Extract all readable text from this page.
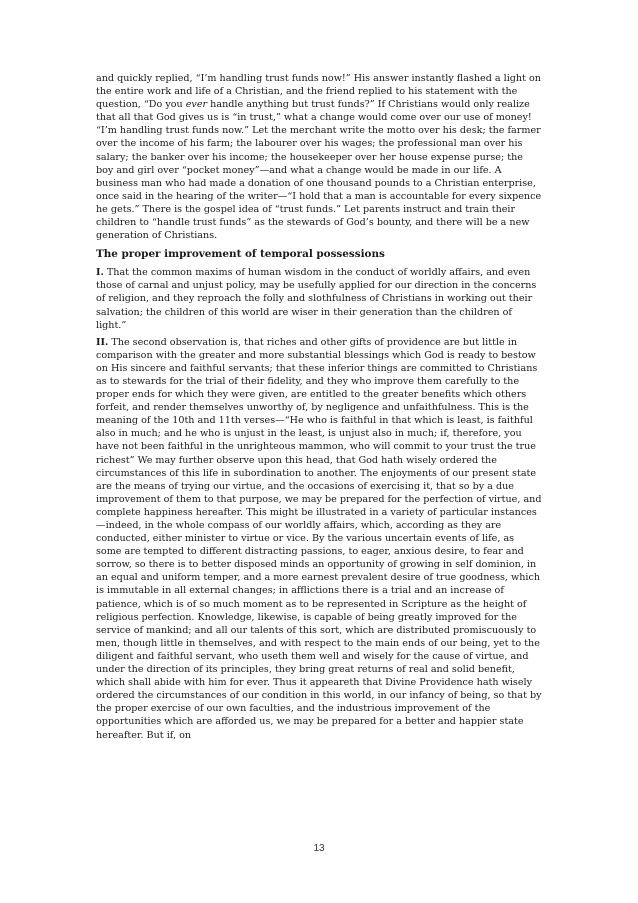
and quickly replied, “I’m handling trust funds now!” His answer instantly flashed a light on the entire work and life of a Christian, and the friend replied to his statement with the question, “Do you ever handle anything but trust funds?” If Christians would only realize that all that God gives us is “in trust,” what a change would come over our use of money! “I’m handling trust funds now.” Let the merchant write the motto over his desk; the farmer over the income of his farm; the labourer over his wages; the professional man over his salary; the banker over his income; the housekeeper over her house expense purse; the boy and girl over “pocket money”—and what a change would be made in our life. A business man who had made a donation of one thousand pounds to a Christian enterprise, once said in the hearing of the writer—“I hold that a man is accountable for every sixpence he gets.” There is the gospel idea of “trust funds.” Let parents instruct and train their children to “handle trust funds” as the stewards of God’s bounty, and there will be a new generation of Christians.

The proper improvement of temporal possessions

I. That the common maxims of human wisdom in the conduct of worldly affairs, and even those of carnal and unjust policy, may be usefully applied for our direction in the concerns of religion, and they reproach the folly and slothfulness of Christians in working out their salvation; the children of this world are wiser in their generation than the children of light.”

II. The second observation is, that riches and other gifts of providence are but little in comparison with the greater and more substantial blessings which God is ready to bestow on His sincere and faithful servants; that these inferior things are committed to Christians as to stewards for the trial of their fidelity, and they who improve them carefully to the proper ends for which they were given, are entitled to the greater benefits which others forfeit, and render themselves unworthy of, by negligence and unfaithfulness. This is the meaning of the 10th and 11th verses—“He who is faithful in that which is least, is faithful also in much; and he who is unjust in the least, is unjust also in much; if, therefore, you have not been faithful in the unrighteous mammon, who will commit to your trust the true richest” We may further observe upon this head, that God hath wisely ordered the circumstances of this life in subordination to another. The enjoyments of our present state are the means of trying our virtue, and the occasions of exercising it, that so by a due improvement of them to that purpose, we may be prepared for the perfection of virtue, and complete happiness hereafter. This might be illustrated in a variety of particular instances—indeed, in the whole compass of our worldly affairs, which, according as they are conducted, either minister to virtue or vice. By the various uncertain events of life, as some are tempted to different distracting passions, to eager, anxious desire, to fear and sorrow, so there is to better disposed minds an opportunity of growing in self dominion, in an equal and uniform temper, and a more earnest prevalent desire of true goodness, which is immutable in all external changes; in afflictions there is a trial and an increase of patience, which is of so much moment as to be represented in Scripture as the height of religious perfection. Knowledge, likewise, is capable of being greatly improved for the service of mankind; and all our talents of this sort, which are distributed promiscuously to men, though little in themselves, and with respect to the main ends of our being, yet to the diligent and faithful servant, who useth them well and wisely for the cause of virtue, and under the direction of its principles, they bring great returns of real and solid benefit, which shall abide with him for ever. Thus it appeareth that Divine Providence hath wisely ordered the circumstances of our condition in this world, in our infancy of being, so that by the proper exercise of our own faculties, and the industrious improvement of the opportunities which are afforded us, we may be prepared for a better and happier state hereafter. But if, on

13
